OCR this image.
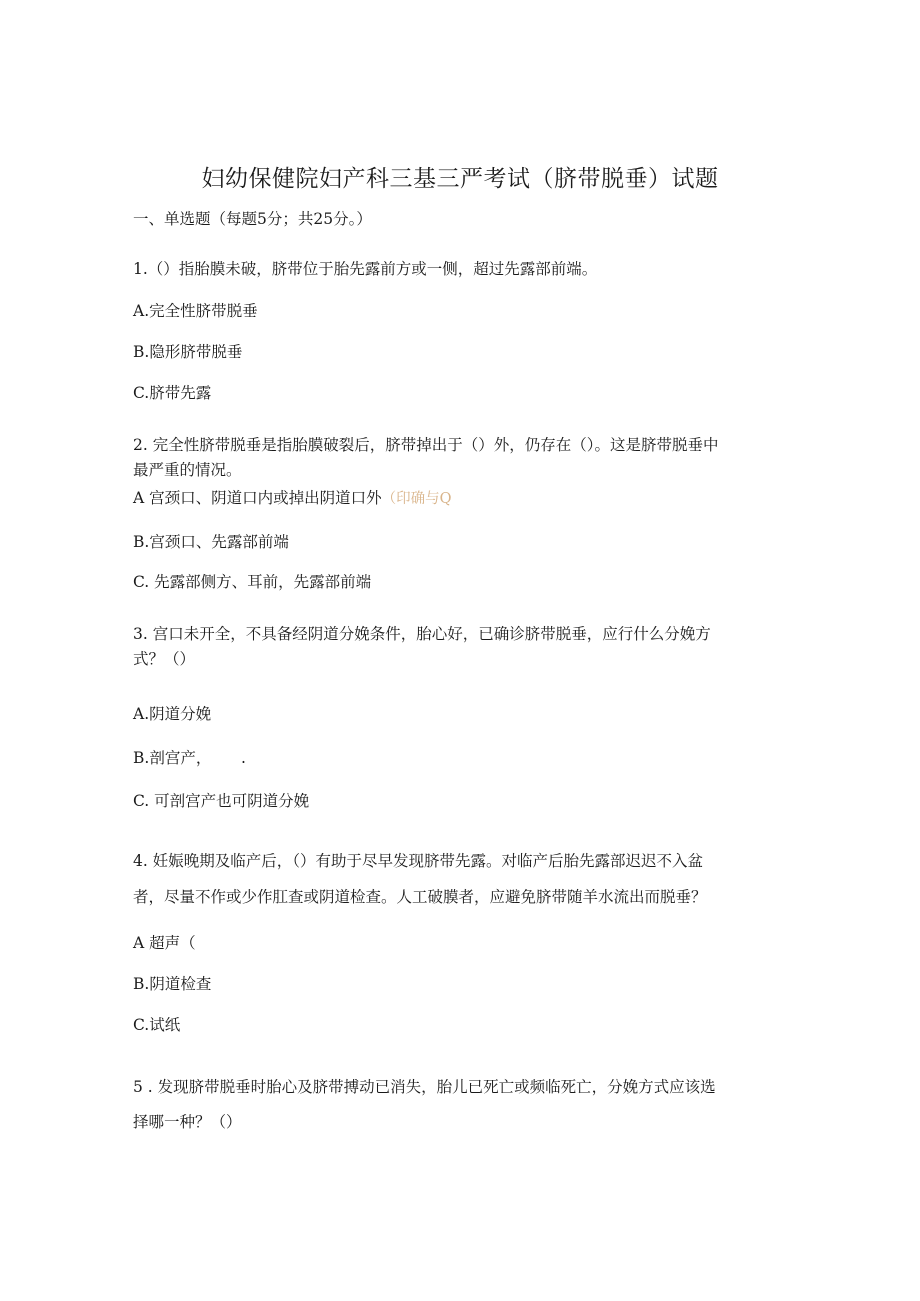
妇幼保健院妇产科三基三严考试（脐带脱垂）试题
一、单选题（每题5分；共25分。）
1.（）指胎膜未破，脐带位于胎先露前方或一侧，超过先露部前端。
A.完全性脐带脱垂
B.隐形脐带脱垂
C.脐带先露
2. 完全性脐带脱垂是指胎膜破裂后，脐带掉出于（）外，仍存在（）。这是脐带脱垂中
最严重的情况。
A 宫颈口、阴道口内或掉出阴道口外（印确与Q
B.宫颈口、先露部前端
C. 先露部侧方、耳前，先露部前端
3. 宫口未开全，不具备经阴道分娩条件，胎心好，已确诊脐带脱垂，应行什么分娩方
式？（）
A.阴道分娩
B.剖宫产， .
C. 可剖宫产也可阴道分娩
4. 妊娠晚期及临产后，（）有助于尽早发现脐带先露。对临产后胎先露部迟迟不入盆
者，尽量不作或少作肛查或阴道检查。人工破膜者，应避免脐带随羊水流出而脱垂？
A 超声（
B.阴道检查
C.试纸
5 . 发现脐带脱垂时胎心及脐带搏动已消失，胎儿已死亡或频临死亡，分娩方式应该选
择哪一种？（）
